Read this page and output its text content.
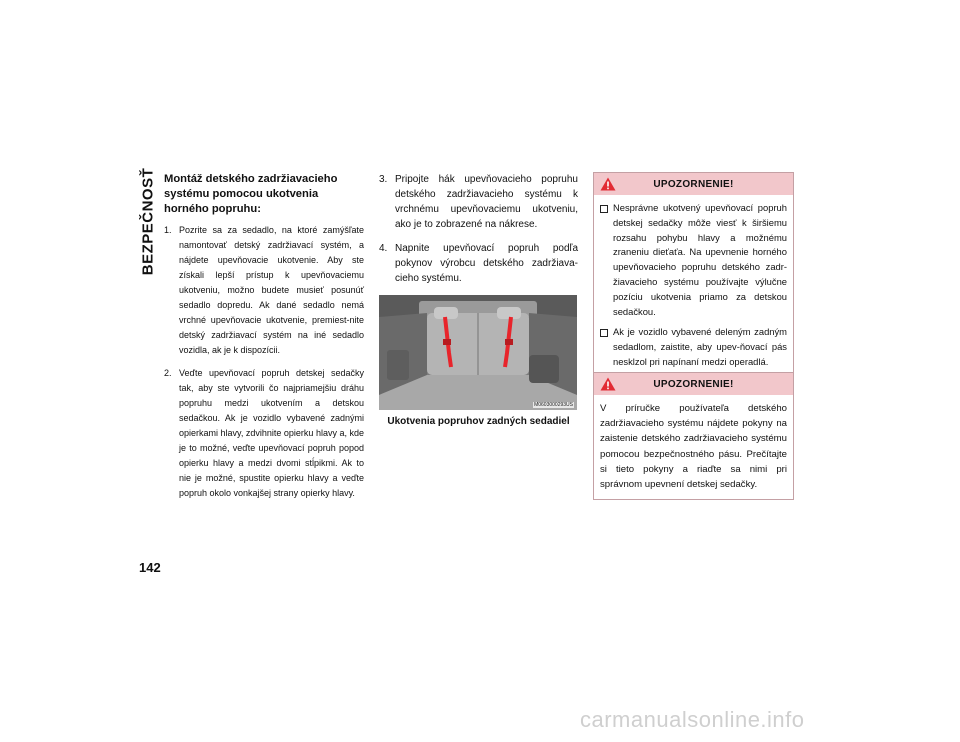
BEZPEČNOSŤ
142
Montáž detského zadržiavacieho systému pomocou ukotvenia horného popruhu:
1. Pozrite sa za sedadlo, na ktoré zamýšľate namontovať detský zadržiavací systém, a nájdete upevňovacie ukotvenie. Aby ste získali lepší prístup k upevňovaciemu ukotveniu, možno budete musieť posunúť sedadlo dopredu. Ak dané sedadlo nemá vrchné upevňovacie ukotvenie, premiest-nite detský zadržiavací systém na iné sedadlo vozidla, ak je k dispozícii.
2. Veďte upevňovací popruh detskej sedačky tak, aby ste vytvorili čo najpriamejšiu dráhu popruhu medzi ukotvením a detskou sedačkou. Ak je vozidlo vybavené zadnými opierkami hlavy, zdvihnite opierku hlavy a, kde je to možné, veďte upevňovací popruh popod opierku hlavy a medzi dvomi stĺpikmi. Ak to nie je možné, spustite opierku hlavy a veďte popruh okolo vonkajšej strany opierky hlavy.
3. Pripojte hák upevňovacieho popruhu detského zadržiavacieho systému k vrchnému upevňovaciemu ukotveniu, ako je to zobrazené na nákrese.
4. Napnite upevňovací popruh podľa pokynov výrobcu detského zadržiava-cieho systému.
M0603000293US
Ukotvenia popruhov zadných sedadiel
UPOZORNENIE!
Nesprávne ukotvený upevňovací popruh detskej sedačky môže viesť k širšiemu rozsahu pohybu hlavy a možnému zraneniu dieťaťa. Na upevnenie horného upevňovacieho popruhu detského zadr-žiavacieho systému používajte výlučne pozíciu ukotvenia priamo za detskou sedačkou.
Ak je vozidlo vybavené deleným zadným sedadlom, zaistite, aby upev-ňovací pás nesklzol pri napínaní medzi operadlá.
UPOZORNENIE!
V príručke používateľa detského zadržiavacieho systému nájdete pokyny na zaistenie detského zadržiavacieho systému pomocou bezpečnostného pásu. Prečítajte si tieto pokyny a riaďte sa nimi pri správnom upevnení detskej sedačky.
carmanualsonline.info
